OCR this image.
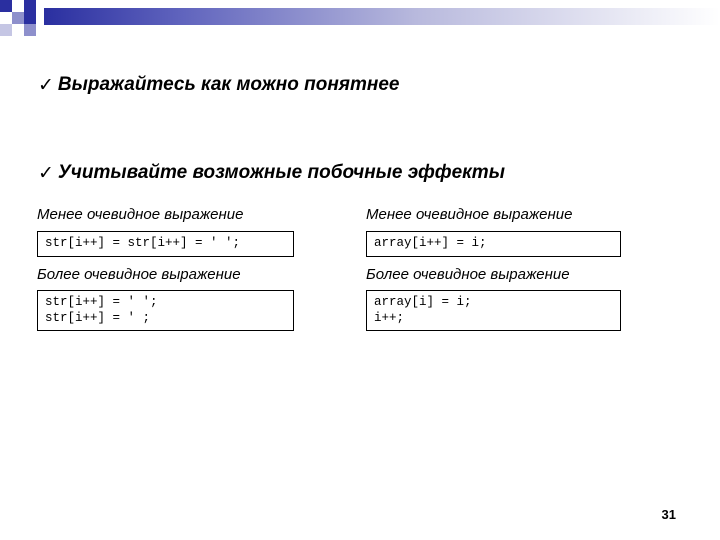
✓ Выражайтесь как можно понятнее
✓ Учитывайте возможные побочные эффекты
Менее очевидное выражение
str[i++] = str[i++] = ' ';
Более очевидное выражение
str[i++] = ' ';
str[i++] = ' ;
Менее очевидное выражение
array[i++] = i;
Более очевидное выражение
array[i] = i;
i++;
31
